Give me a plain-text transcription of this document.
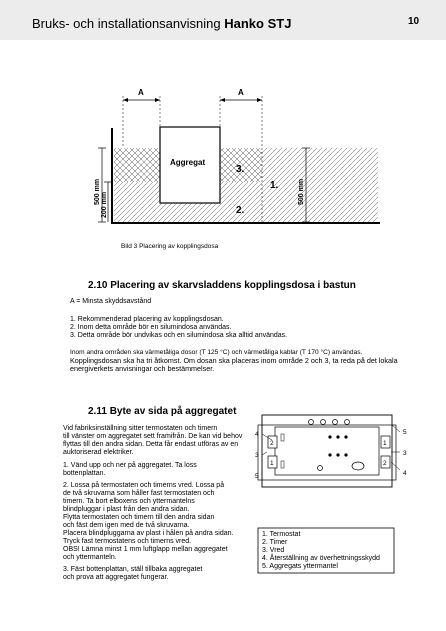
Bruks- och installationsanvisning Hanko STJ	10
A	A
Aggregat
3.
1.
2.
500 mm 200 mm	500 mm
Bild 3 Placering av kopplingsdosa
2.10 Placering av skarvsladdens kopplingsdosa i bastun
A = Minsta skyddsavstånd
1. Rekommenderad placering av kopplingsdosan.
2. Inom detta område bör en silumindosa användas.
3. Detta område bör undvikas och en silumindosa ska alltid användas.
Inom andra områden ska värmetåliga dosor (T 125 °C) och värmetåliga kablar (T 170 °C) användas.
Kopplingsdosan ska ha tri åtkomst. Om dosan ska placeras inom område 2 och 3, ta reda på det lokala
energiverkets anvisningar och bestämmelser.
2.11 Byte av sida på aggregatet
Vid fabriksinställning sitter termostaten och timern
till vänster om aggregatet sett framifrån. De kan vid behov
flyttas till den andra sidan. Detta får endast utföras av en
auktoriserad elektriker.
1. Vänd upp och ner på aggregatet. Ta loss
bottenplattan.
2. Lossa på termostaten och timerns vred. Lossa på
de två skruvarna som håller fast termostaten och
timern. Ta bort elboxens och yttermantelns
blindpluggar i plast från den andra sidan.
Flytta termostaten och timern till den andra sidan
och fäst dem igen med de två skruvarna.
Placera blindpluggarna av plast i hålen på andra sidan.
Tryck fast termostatens och timerns vred.
OBS! Lämna minst 1 mm luftglapp mellan aggregatet
och yttermanteln.
3. Fäst bottenplattan, ställ tillbaka aggregatet
och prova att aggregatet fungerar.
4
3
5
5
3
4
2
1
1
2
1. Termostat
2. Timer
3. Vred
4. Återställning av överhettningsskydd
5. Aggregats yttermantel
